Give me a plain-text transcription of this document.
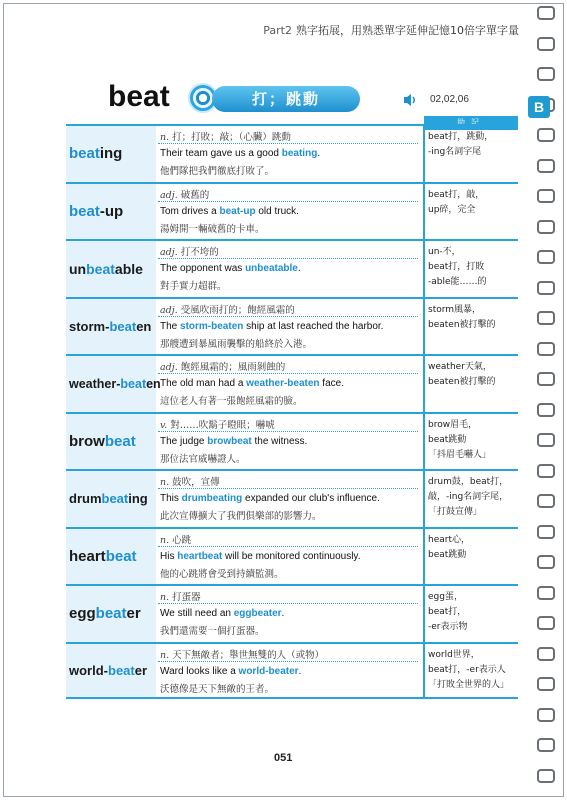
Part2 熟字拓展，用熟悉單字延伸記憶10倍字單字量
B
beat	打；跳動	02,02,06
助記
beat ing
n. 打；打敗；敲；（心臟）跳動
Their team gave us a good beating.
他們隊把我們徹底打敗了。
beat打，跳動，
-ing名詞字尾
beat -up
adj. 破舊的
Tom drives a beat-up old truck.
湯姆開一輛破舊的卡車。
beat打，敲，
up碎，完全
un beat able
adj. 打不垮的
The opponent was unbeatable.
對手實力超群。
un-不，
beat打，打敗
-able能……的
storm- beat en
adj. 受風吹雨打的；飽經風霜的
The storm-beaten ship at last reached the harbor.
那艘遭到暴風雨襲擊的船終於入港。
storm風暴，
beaten被打擊的
weather- beat en
adj. 飽經風霜的；風雨剝蝕的
The old man had a weather-beaten face.
這位老人有著一張飽經風霜的臉。
weather天氣，
beaten被打擊的
brow beat
v. 對……吹鬍子瞪眼；嚇唬
The judge browbeat the witness.
那位法官威嚇證人。
brow眉毛，
beat跳動
「抖眉毛嚇人」
drum beat ing
n. 鼓吹，宣傳
This drumbeating expanded our club's influence.
此次宣傳擴大了我們俱樂部的影響力。
drum鼓，beat打，
敲，-ing名詞字尾，
「打鼓宣傳」
heart beat
n. 心跳
His heartbeat will be monitored continuously.
他的心跳將會受到持續監測。
heart心，
beat跳動
egg beat er
n. 打蛋器
We still need an eggbeater.
我們還需要一個打蛋器。
egg蛋，
beat打，
-er表示物
world- beat er
n. 天下無敵者；舉世無雙的人（或物）
Ward looks like a world-beater.
沃德像是天下無敵的王者。
world世界，
beat打，-er表示人
「打敗全世界的人」
051
